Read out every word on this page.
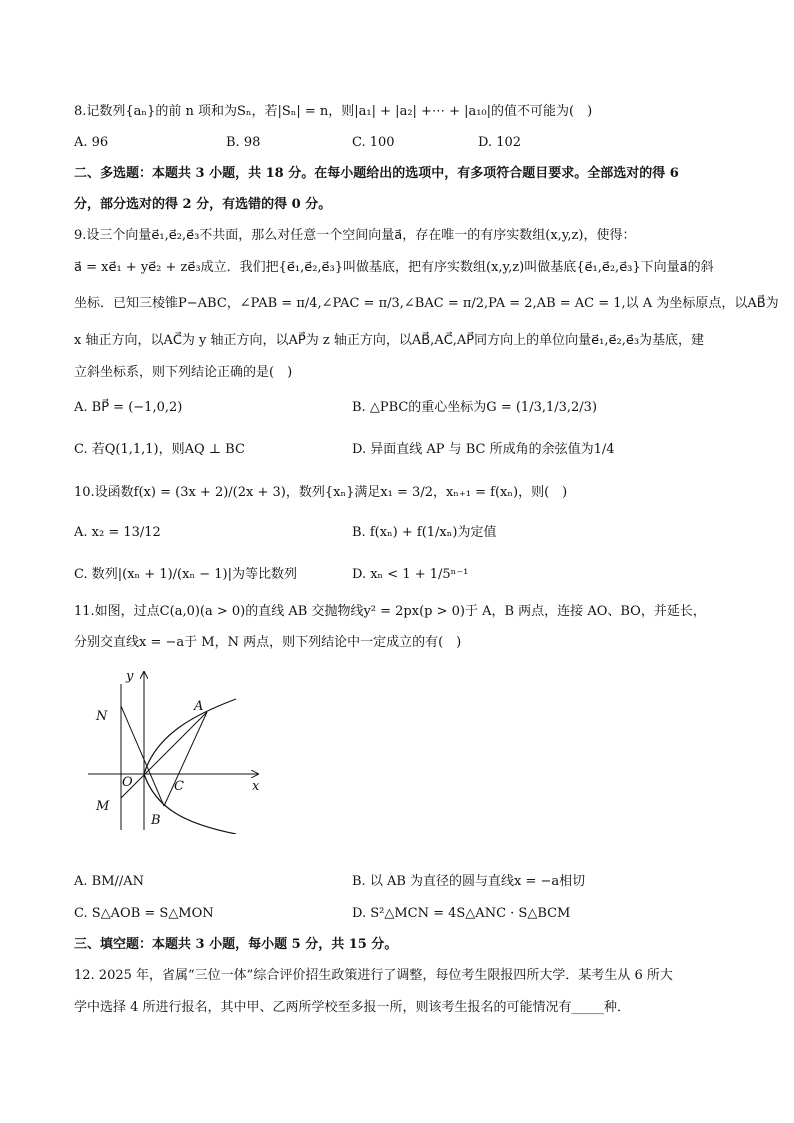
8.记数列{aₙ}的前 n 项和为Sₙ，若|Sₙ| = n，则|a₁| + |a₂| +⋯ + |a₁₀|的值不可能为(　)
A. 96	B. 98	C. 100	D. 102
二、多选题：本题共 3 小题，共 18 分。在每小题给出的选项中，有多项符合题目要求。全部选对的得 6
分，部分选对的得 2 分，有选错的得 0 分。
9.设三个向量e⃗₁,e⃗₂,e⃗₃不共面，那么对任意一个空间向量a⃗，存在唯一的有序实数组(x,y,z)，使得：
a⃗ = xe⃗₁ + ye⃗₂ + ze⃗₃成立．我们把{e⃗₁,e⃗₂,e⃗₃}叫做基底，把有序实数组(x,y,z)叫做基底{e⃗₁,e⃗₂,e⃗₃}下向量a⃗的斜
坐标．已知三棱锥P−ABC，∠PAB = π/4,∠PAC = π/3,∠BAC = π/2,PA = 2,AB = AC = 1,以 A 为坐标原点，以AB⃗为
x 轴正方向，以AC⃗为 y 轴正方向，以AP⃗为 z 轴正方向，以AB⃗,AC⃗,AP⃗同方向上的单位向量e⃗₁,e⃗₂,e⃗₃为基底，建
立斜坐标系，则下列结论正确的是(　)
A. BP⃗ = (−1,0,2)	B. △PBC的重心坐标为G = (1/3,1/3,2/3)
C. 若Q(1,1,1)，则AQ ⊥ BC	D. 异面直线 AP 与 BC 所成角的余弦值为1/4
10.设函数f(x) = (3x + 2)/(2x + 3)，数列{xₙ}满足x₁ = 3/2，xₙ₊₁ = f(xₙ)，则(　)
A. x₂ = 13/12	B. f(xₙ) + f(1/xₙ)为定值
C. 数列|(xₙ + 1)/(xₙ − 1)|为等比数列	D. xₙ < 1 + 1/5ⁿ⁻¹
11.如图，过点C(a,0)(a > 0)的直线 AB 交抛物线y² = 2px(p > 0)于 A，B 两点，连接 AO、BO，并延长，
分别交直线x = −a于 M，N 两点，则下列结论中一定成立的有(　)
y
x
N
A
O	C
M
B
A. BM//AN	B. 以 AB 为直径的圆与直线x = −a相切
C. S△AOB = S△MON	D. S²△MCN = 4S△ANC · S△BCM
三、填空题：本题共 3 小题，每小题 5 分，共 15 分。
12. 2025 年，省属“三位一体”综合评价招生政策进行了调整，每位考生限报四所大学．某考生从 6 所大
学中选择 4 所进行报名，其中甲、乙两所学校至多报一所，则该考生报名的可能情况有_____种．
